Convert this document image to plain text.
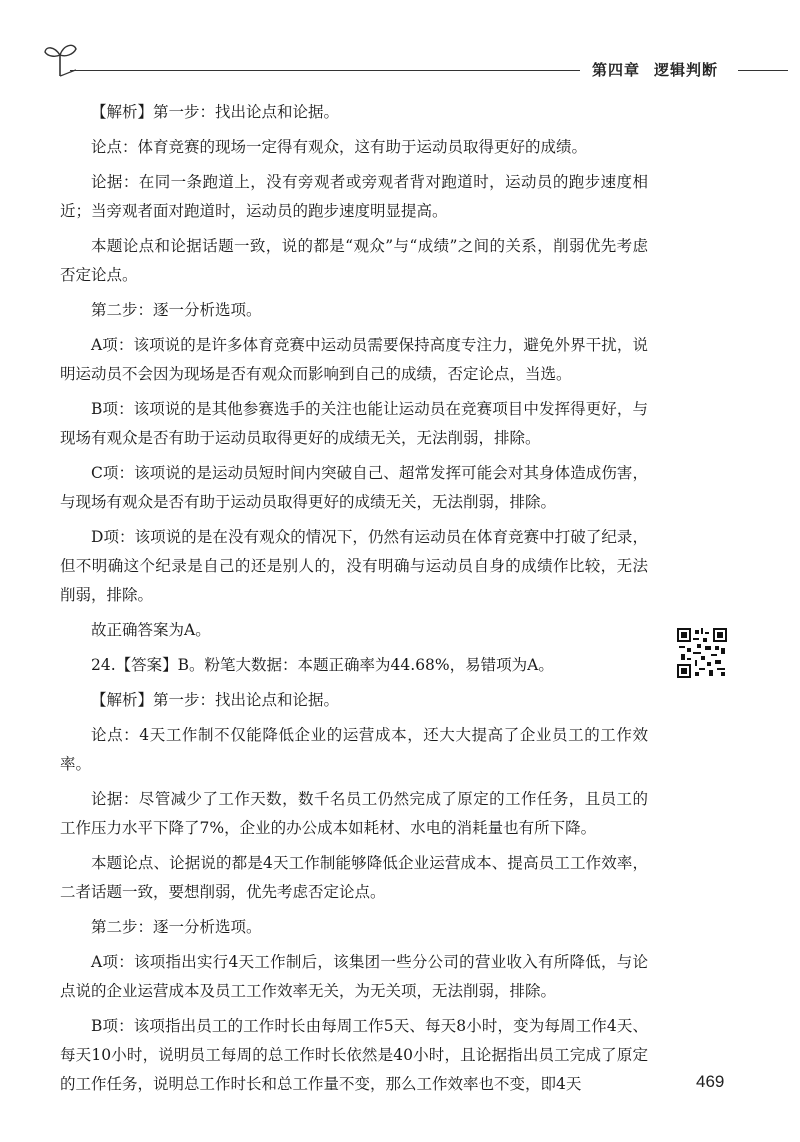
第四章 逻辑判断

【解析】第一步：找出论点和论据。

论点：体育竞赛的现场一定得有观众，这有助于运动员取得更好的成绩。

论据：在同一条跑道上，没有旁观者或旁观者背对跑道时，运动员的跑步速度相近；当旁观者面对跑道时，运动员的跑步速度明显提高。

本题论点和论据话题一致，说的都是“观众”与“成绩”之间的关系，削弱优先考虑否定论点。

第二步：逐一分析选项。

A项：该项说的是许多体育竞赛中运动员需要保持高度专注力，避免外界干扰，说明运动员不会因为现场是否有观众而影响到自己的成绩，否定论点，当选。

B项：该项说的是其他参赛选手的关注也能让运动员在竞赛项目中发挥得更好，与现场有观众是否有助于运动员取得更好的成绩无关，无法削弱，排除。

C项：该项说的是运动员短时间内突破自己、超常发挥可能会对其身体造成伤害，与现场有观众是否有助于运动员取得更好的成绩无关，无法削弱，排除。

D项：该项说的是在没有观众的情况下，仍然有运动员在体育竞赛中打破了纪录，但不明确这个纪录是自己的还是别人的，没有明确与运动员自身的成绩作比较，无法削弱，排除。

故正确答案为A。

24.【答案】B。粉笔大数据：本题正确率为44.68%，易错项为A。

【解析】第一步：找出论点和论据。

论点：4天工作制不仅能降低企业的运营成本，还大大提高了企业员工的工作效率。

论据：尽管减少了工作天数，数千名员工仍然完成了原定的工作任务，且员工的工作压力水平下降了7%，企业的办公成本如耗材、水电的消耗量也有所下降。

本题论点、论据说的都是4天工作制能够降低企业运营成本、提高员工工作效率，二者话题一致，要想削弱，优先考虑否定论点。

第二步：逐一分析选项。

A项：该项指出实行4天工作制后，该集团一些分公司的营业收入有所降低，与论点说的企业运营成本及员工工作效率无关，为无关项，无法削弱，排除。

B项：该项指出员工的工作时长由每周工作5天、每天8小时，变为每周工作4天、每天10小时，说明员工每周的总工作时长依然是40小时，且论据指出员工完成了原定的工作任务，说明总工作时长和总工作量不变，那么工作效率也不变，即4天	469
